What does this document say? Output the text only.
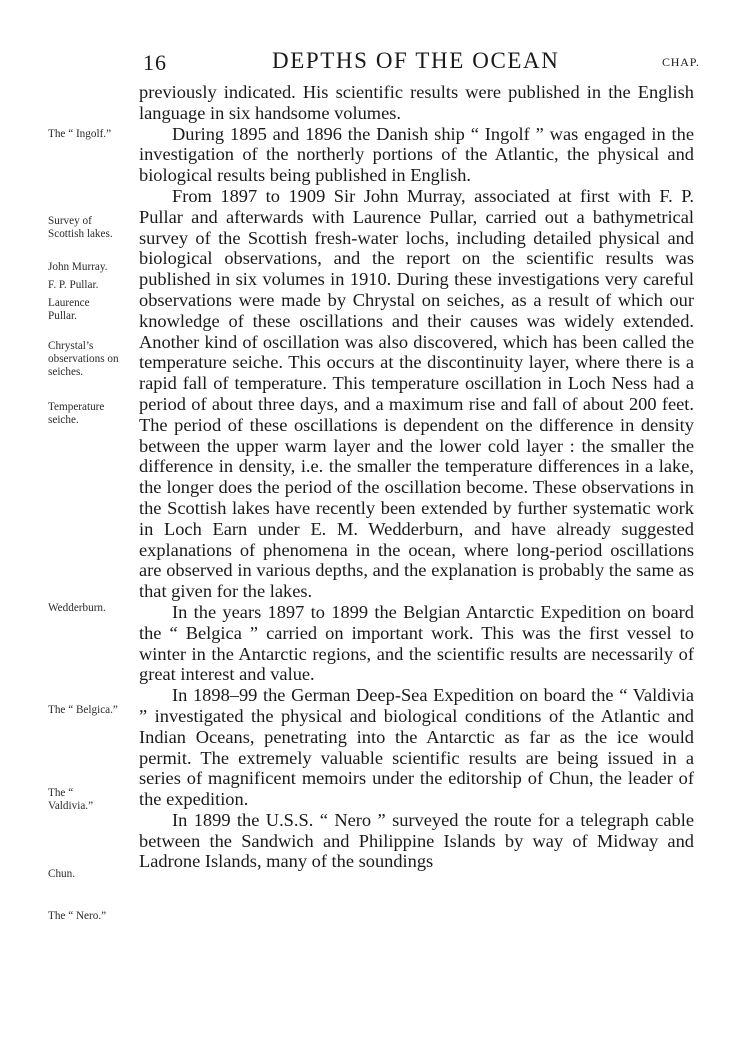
16	DEPTHS OF THE OCEAN	CHAP.
The “ Ingolf.”
Survey of Scottish lakes.
John Murray.
F. P. Pullar.
Laurence Pullar.
Chrystal’s observations on seiches.
Temperature seiche.
Wedderburn.
The “ Belgica.”
The “ Valdivia.”
Chun.
The “ Nero.”

previously indicated. His scientific results were published in the English language in six handsome volumes.

During 1895 and 1896 the Danish ship “ Ingolf ” was engaged in the investigation of the northerly portions of the Atlantic, the physical and biological results being published in English.

From 1897 to 1909 Sir John Murray, associated at first with F. P. Pullar and afterwards with Laurence Pullar, carried out a bathymetrical survey of the Scottish fresh-water lochs, including detailed physical and biological observations, and the report on the scientific results was published in six volumes in 1910. During these investigations very careful observations were made by Chrystal on seiches, as a result of which our knowledge of these oscillations and their causes was widely extended. Another kind of oscillation was also discovered, which has been called the temperature seiche. This occurs at the discontinuity layer, where there is a rapid fall of temperature. This temperature oscillation in Loch Ness had a period of about three days, and a maximum rise and fall of about 200 feet. The period of these oscillations is dependent on the difference in density between the upper warm layer and the lower cold layer : the smaller the difference in density, i.e. the smaller the temperature differences in a lake, the longer does the period of the oscillation become. These observations in the Scottish lakes have recently been extended by further systematic work in Loch Earn under E. M. Wedderburn, and have already suggested explanations of phenomena in the ocean, where long-period oscillations are observed in various depths, and the explanation is probably the same as that given for the lakes.

In the years 1897 to 1899 the Belgian Antarctic Expedition on board the “ Belgica ” carried on important work. This was the first vessel to winter in the Antarctic regions, and the scientific results are necessarily of great interest and value.

In 1898–99 the German Deep-Sea Expedition on board the “ Valdivia ” investigated the physical and biological conditions of the Atlantic and Indian Oceans, penetrating into the Antarctic as far as the ice would permit. The extremely valuable scientific results are being issued in a series of magnificent memoirs under the editorship of Chun, the leader of the expedition.

In 1899 the U.S.S. “ Nero ” surveyed the route for a telegraph cable between the Sandwich and Philippine Islands by way of Midway and Ladrone Islands, many of the soundings
